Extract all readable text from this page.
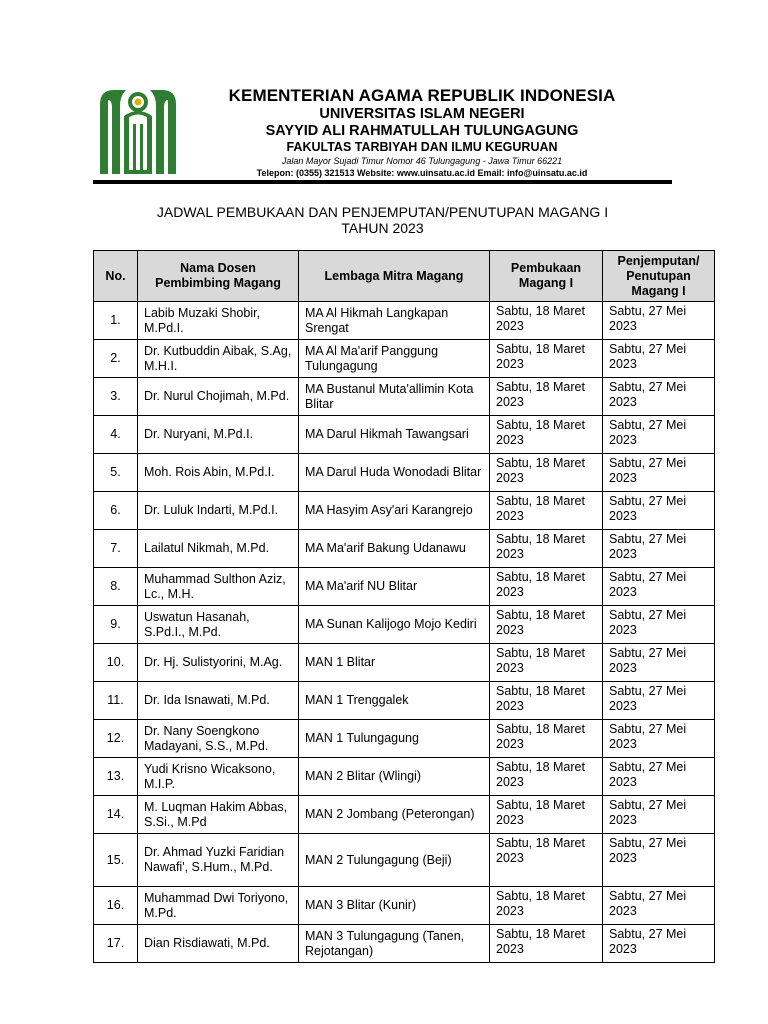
KEMENTERIAN AGAMA REPUBLIK INDONESIA
UNIVERSITAS ISLAM NEGERI
SAYYID ALI RAHMATULLAH TULUNGAGUNG
FAKULTAS TARBIYAH DAN ILMU KEGURUAN
Jalan Mayor Sujadi Timur Nomor 46 Tulungagung - Jawa Timur 66221
Telepon: (0355) 321513 Website: www.uinsatu.ac.id Email: info@uinsatu.ac.id
JADWAL PEMBUKAAN DAN PENJEMPUTAN/PENUTUPAN MAGANG I
TAHUN 2023
No.	Nama Dosen Pembimbing Magang	Lembaga Mitra Magang	Pembukaan Magang I	Penjemputan/ Penutupan Magang I
1.	Labib Muzaki Shobir, M.Pd.I.	MA Al Hikmah Langkapan Srengat	Sabtu, 18 Maret 2023	Sabtu, 27 Mei 2023
2.	Dr. Kutbuddin Aibak, S.Ag, M.H.I.	MA Al Ma'arif Panggung Tulungagung	Sabtu, 18 Maret 2023	Sabtu, 27 Mei 2023
3.	Dr. Nurul Chojimah, M.Pd.	MA Bustanul Muta'allimin Kota Blitar	Sabtu, 18 Maret 2023	Sabtu, 27 Mei 2023
4.	Dr. Nuryani, M.Pd.I.	MA Darul Hikmah Tawangsari	Sabtu, 18 Maret 2023	Sabtu, 27 Mei 2023
5.	Moh. Rois Abin, M.Pd.I.	MA Darul Huda Wonodadi Blitar	Sabtu, 18 Maret 2023	Sabtu, 27 Mei 2023
6.	Dr. Luluk Indarti, M.Pd.I.	MA Hasyim Asy'ari Karangrejo	Sabtu, 18 Maret 2023	Sabtu, 27 Mei 2023
7.	Lailatul Nikmah, M.Pd.	MA Ma'arif Bakung Udanawu	Sabtu, 18 Maret 2023	Sabtu, 27 Mei 2023
8.	Muhammad Sulthon Aziz, Lc., M.H.	MA Ma'arif NU Blitar	Sabtu, 18 Maret 2023	Sabtu, 27 Mei 2023
9.	Uswatun Hasanah, S.Pd.I., M.Pd.	MA Sunan Kalijogo Mojo Kediri	Sabtu, 18 Maret 2023	Sabtu, 27 Mei 2023
10.	Dr. Hj. Sulistyorini, M.Ag.	MAN 1 Blitar	Sabtu, 18 Maret 2023	Sabtu, 27 Mei 2023
11.	Dr. Ida Isnawati, M.Pd.	MAN 1 Trenggalek	Sabtu, 18 Maret 2023	Sabtu, 27 Mei 2023
12.	Dr. Nany Soengkono Madayani, S.S., M.Pd.	MAN 1 Tulungagung	Sabtu, 18 Maret 2023	Sabtu, 27 Mei 2023
13.	Yudi Krisno Wicaksono, M.I.P.	MAN 2 Blitar (Wlingi)	Sabtu, 18 Maret 2023	Sabtu, 27 Mei 2023
14.	M. Luqman Hakim Abbas, S.Si., M.Pd	MAN 2 Jombang (Peterongan)	Sabtu, 18 Maret 2023	Sabtu, 27 Mei 2023
15.	Dr. Ahmad Yuzki Faridian Nawafi', S.Hum., M.Pd.	MAN 2 Tulungagung (Beji)	Sabtu, 18 Maret 2023	Sabtu, 27 Mei 2023
16.	Muhammad Dwi Toriyono, M.Pd.	MAN 3 Blitar (Kunir)	Sabtu, 18 Maret 2023	Sabtu, 27 Mei 2023
17.	Dian Risdiawati, M.Pd.	MAN 3 Tulungagung (Tanen, Rejotangan)	Sabtu, 18 Maret 2023	Sabtu, 27 Mei 2023
